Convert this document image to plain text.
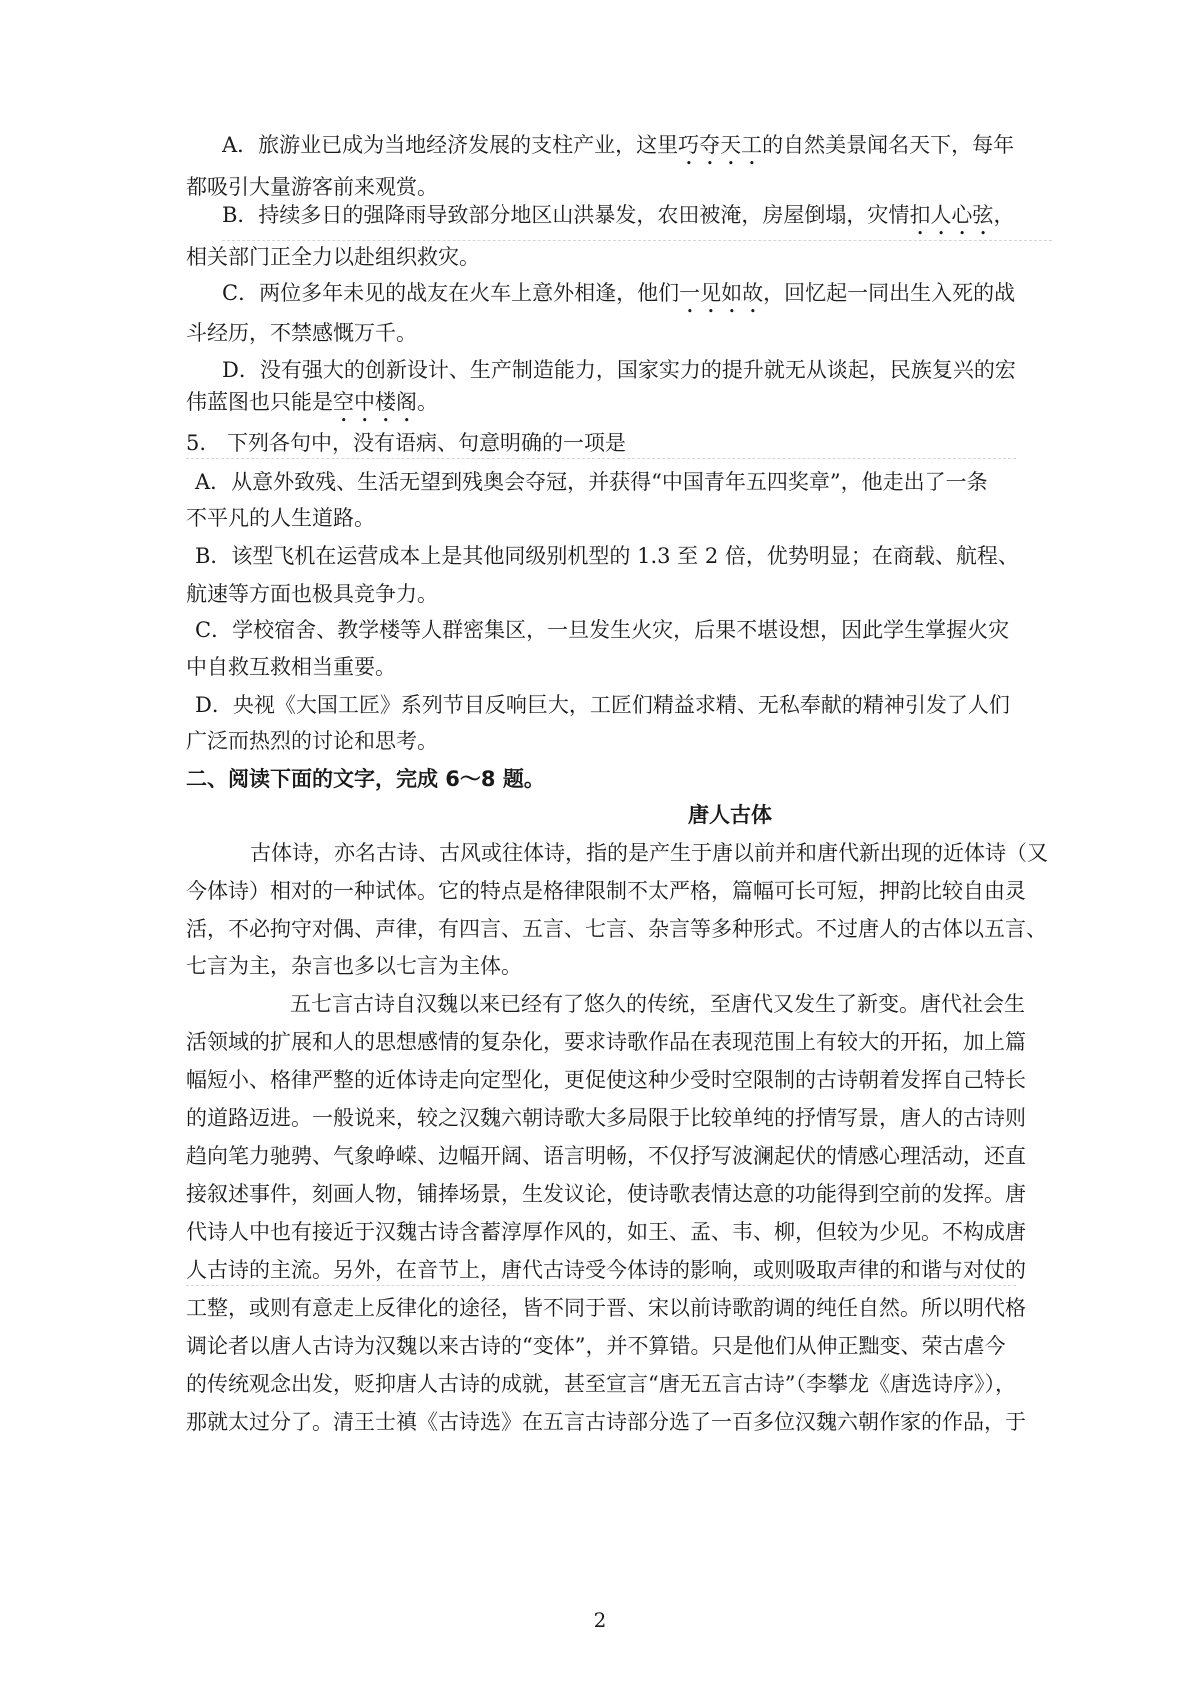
A．旅游业已成为当地经济发展的支柱产业，这里巧夺天工的自然美景闻名天下，每年
都吸引大量游客前来观赏。
B．持续多日的强降雨导致部分地区山洪暴发，农田被淹，房屋倒塌，灾情扣人心弦，
相关部门正全力以赴组织救灾。
C．两位多年未见的战友在火车上意外相逢，他们一见如故，回忆起一同出生入死的战
斗经历，不禁感慨万千。
D．没有强大的创新设计、生产制造能力，国家实力的提升就无从谈起，民族复兴的宏
伟蓝图也只能是空中楼阁。
5.　下列各句中，没有语病、句意明确的一项是
A．从意外致残、生活无望到残奥会夺冠，并获得“中国青年五四奖章”，他走出了一条
不平凡的人生道路。
B．该型飞机在运营成本上是其他同级别机型的 1.3 至 2 倍，优势明显；在商载、航程、
航速等方面也极具竞争力。
C．学校宿舍、教学楼等人群密集区，一旦发生火灾，后果不堪设想，因此学生掌握火灾
中自救互救相当重要。
D．央视《大国工匠》系列节目反响巨大，工匠们精益求精、无私奉献的精神引发了人们
广泛而热烈的讨论和思考。
二、阅读下面的文字，完成 6～8 题。
唐人古体
古体诗，亦名古诗、古风或往体诗，指的是产生于唐以前并和唐代新出现的近体诗（又
今体诗）相对的一种试体。它的特点是格律限制不太严格，篇幅可长可短，押韵比较自由灵
活，不必拘守对偶、声律，有四言、五言、七言、杂言等多种形式。不过唐人的古体以五言、
七言为主，杂言也多以七言为主体。
五七言古诗自汉魏以来已经有了悠久的传统，至唐代又发生了新变。唐代社会生
活领域的扩展和人的思想感情的复杂化，要求诗歌作品在表现范围上有较大的开拓，加上篇
幅短小、格律严整的近体诗走向定型化，更促使这种少受时空限制的古诗朝着发挥自己特长
的道路迈进。一般说来，较之汉魏六朝诗歌大多局限于比较单纯的抒情写景，唐人的古诗则
趋向笔力驰骋、气象峥嵘、边幅开阔、语言明畅，不仅抒写波澜起伏的情感心理活动，还直
接叙述事件，刻画人物，铺捧场景，生发议论，使诗歌表情达意的功能得到空前的发挥。唐
代诗人中也有接近于汉魏古诗含蓄淳厚作风的，如王、孟、韦、柳，但较为少见。不构成唐
人古诗的主流。另外，在音节上，唐代古诗受今体诗的影响，或则吸取声律的和谐与对仗的
工整，或则有意走上反律化的途径，皆不同于晋、宋以前诗歌韵调的纯任自然。所以明代格
调论者以唐人古诗为汉魏以来古诗的“变体”，并不算错。只是他们从伸正黜变、荣古虐今
的传统观念出发，贬抑唐人古诗的成就，甚至宣言“唐无五言古诗”（李攀龙《唐选诗序》），
那就太过分了。清王士禛《古诗选》在五言古诗部分选了一百多位汉魏六朝作家的作品，于
2
